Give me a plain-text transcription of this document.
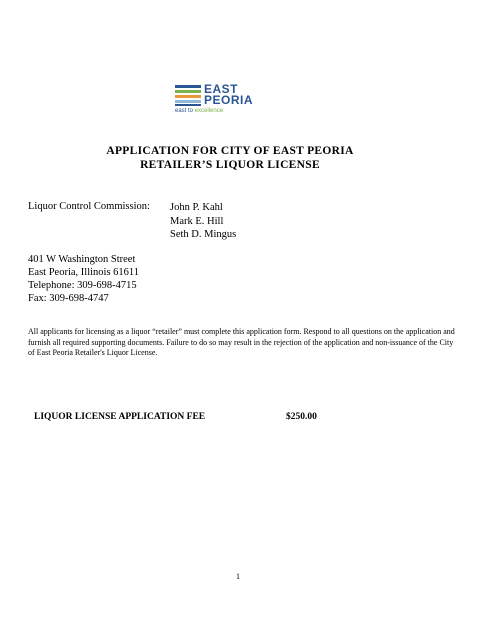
EAST
PEORIA
east to excellence
APPLICATION FOR CITY OF EAST PEORIA
RETAILER’S LIQUOR LICENSE
Liquor Control Commission: John P. Kahl
Mark E. Hill
Seth D. Mingus
401 W Washington Street
East Peoria, Illinois 61611
Telephone: 309-698-4715
Fax: 309-698-4747
All applicants for licensing as a liquor “retailer” must complete this application form. Respond to all questions on the application and furnish all required supporting documents. Failure to do so may result in the rejection of the application and non-issuance of the City of East Peoria Retailer's Liquor License.
LIQUOR LICENSE APPLICATION FEE	$250.00
1
